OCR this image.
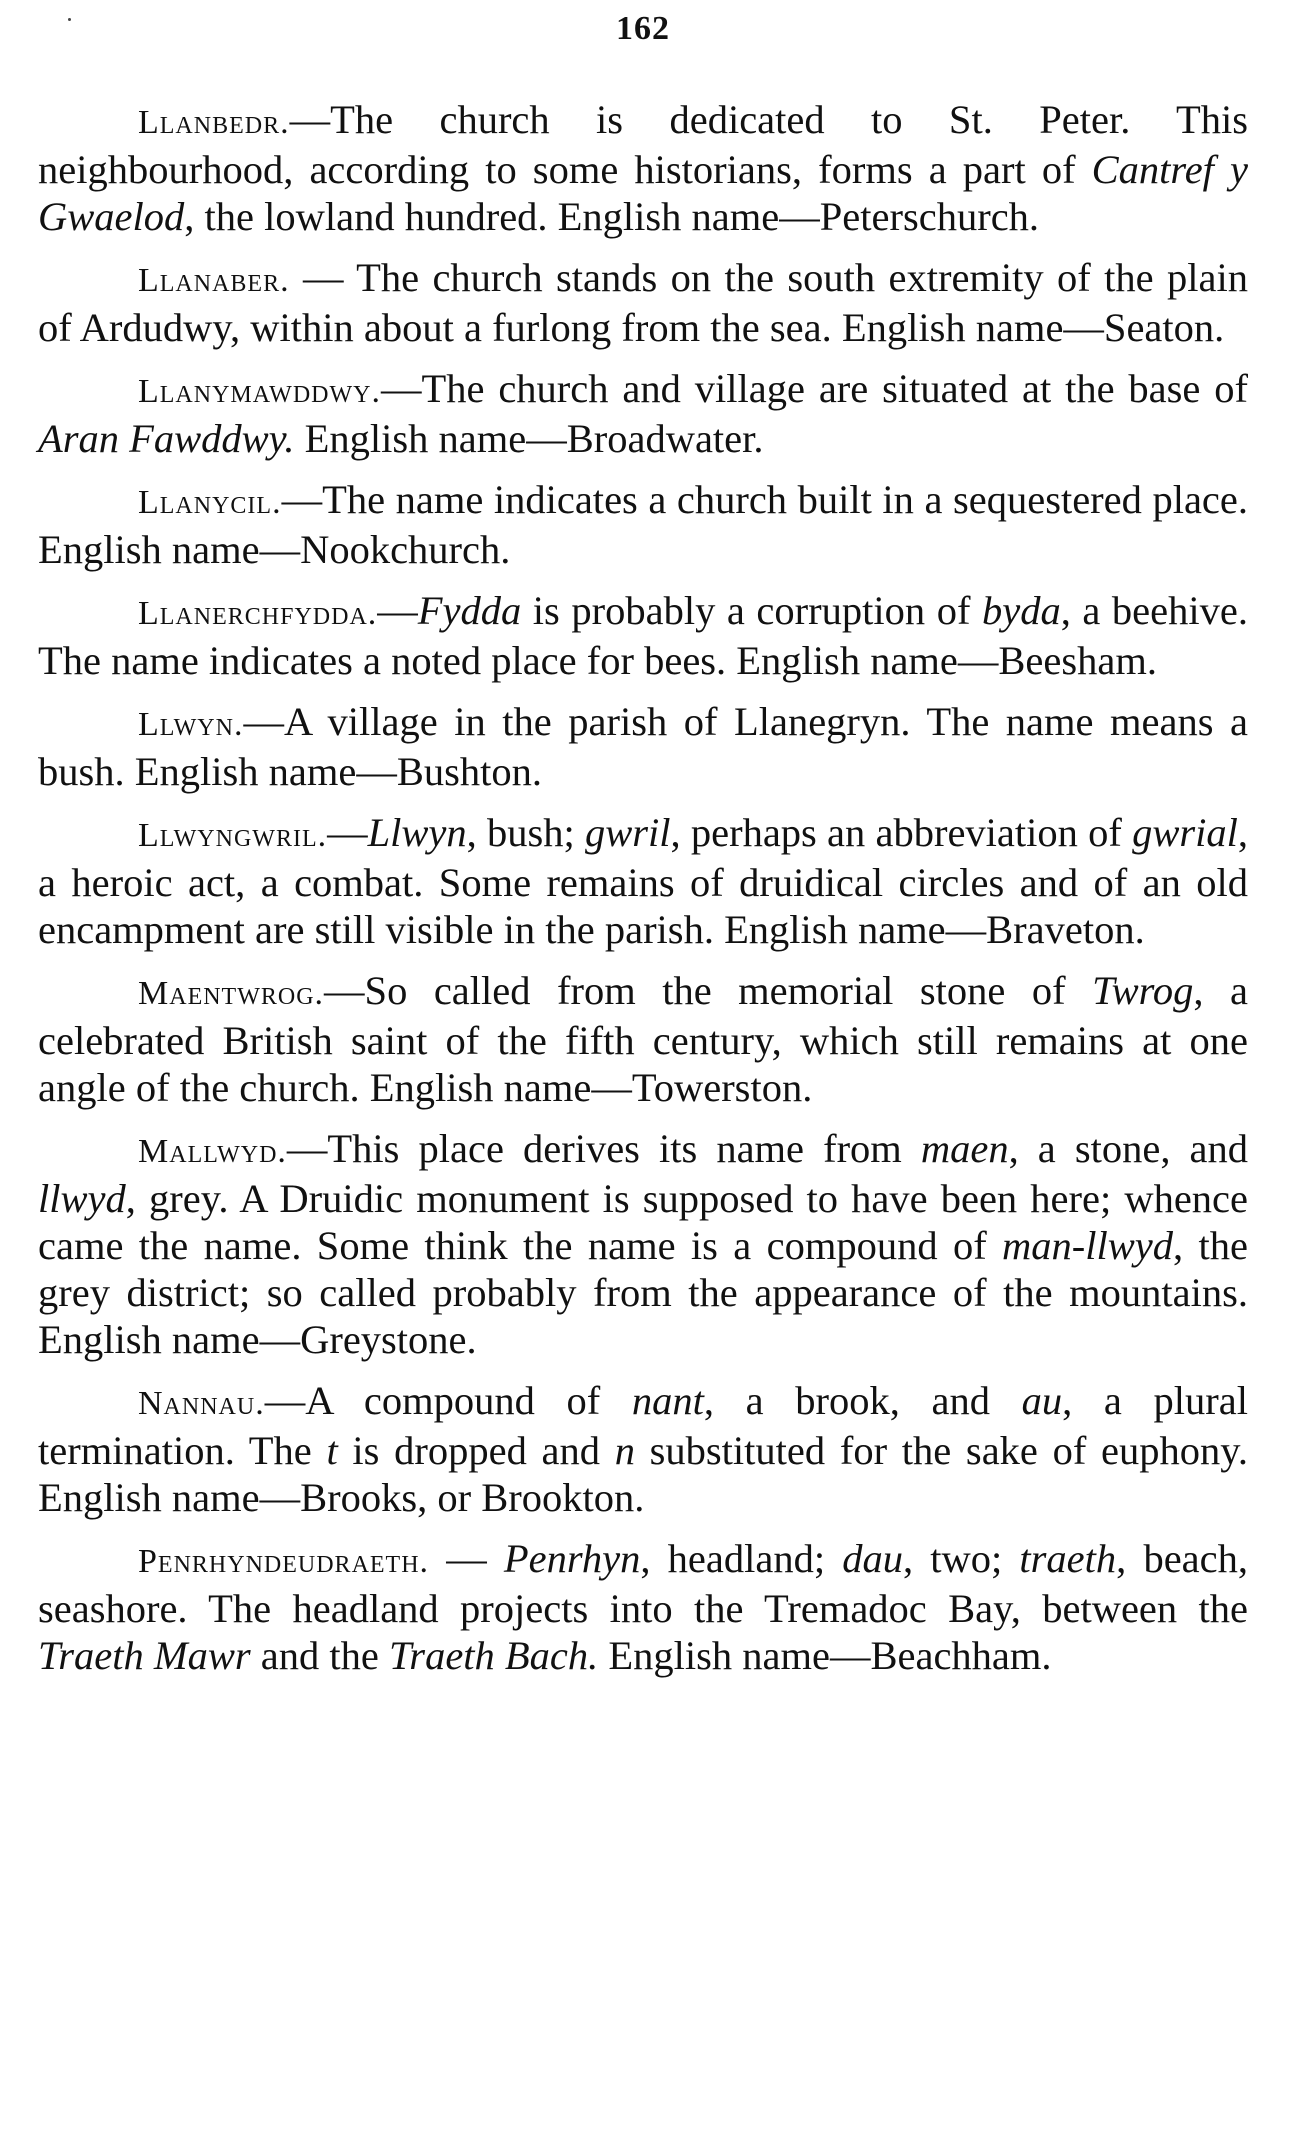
162

Llanbedr.—The church is dedicated to St. Peter. This neighbourhood, according to some historians, forms a part of Cantref y Gwaelod, the lowland hundred. English name—Peterschurch.

Llanaber. — The church stands on the south extremity of the plain of Ardudwy, within about a furlong from the sea. English name—Seaton.

Llanymawddwy.—The church and village are situated at the base of Aran Fawddwy. English name—Broadwater.

Llanycil.—The name indicates a church built in a sequestered place. English name—Nookchurch.

Llanerchfydda.—Fydda is probably a corruption of byda, a beehive. The name indicates a noted place for bees. English name—Beesham.

Llwyn.—A village in the parish of Llanegryn. The name means a bush. English name—Bushton.

Llwyngwril.—Llwyn, bush; gwril, perhaps an abbreviation of gwrial, a heroic act, a combat. Some remains of druidical circles and of an old encampment are still visible in the parish. English name—Braveton.

Maentwrog.—So called from the memorial stone of Twrog, a celebrated British saint of the fifth century, which still remains at one angle of the church. English name—Towerston.

Mallwyd.—This place derives its name from maen, a stone, and llwyd, grey. A Druidic monument is supposed to have been here; whence came the name. Some think the name is a compound of man-llwyd, the grey district; so called probably from the appearance of the mountains. English name—Greystone.

Nannau.—A compound of nant, a brook, and au, a plural termination. The t is dropped and n substituted for the sake of euphony. English name—Brooks, or Brookton.

Penrhyndeudraeth. — Penrhyn, headland; dau, two; traeth, beach, seashore. The headland projects into the Tremadoc Bay, between the Traeth Mawr and the Traeth Bach. English name—Beachham.
